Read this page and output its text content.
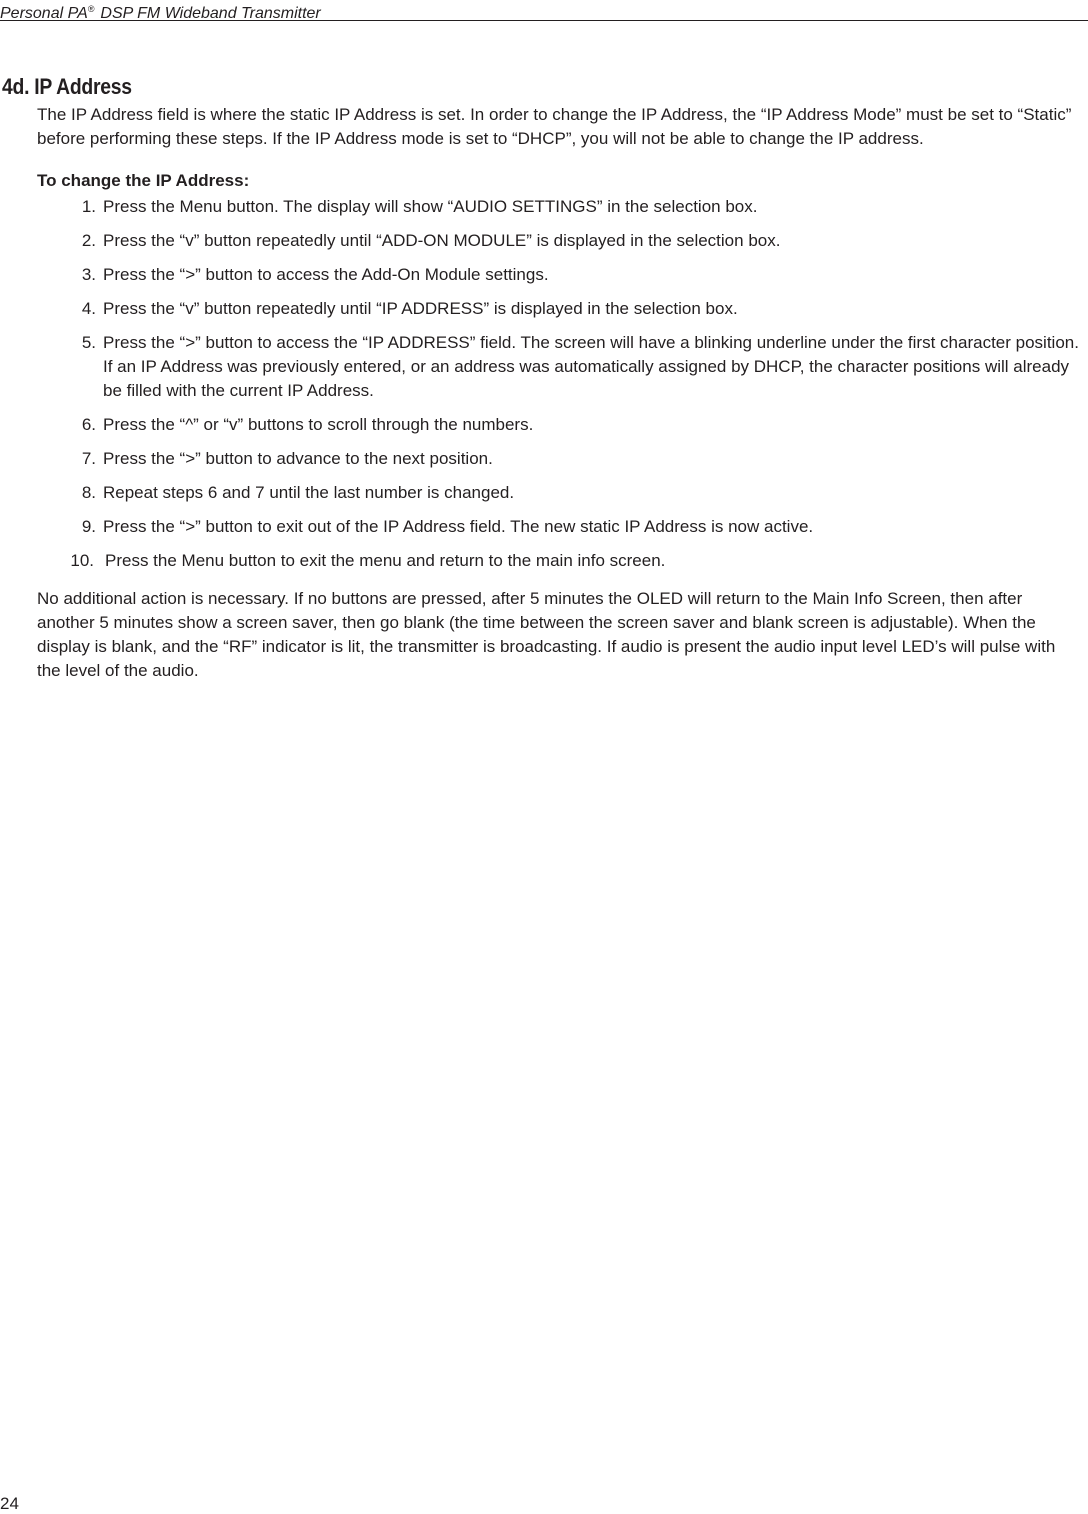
Personal PA® DSP FM Wideband Transmitter
4d. IP Address

The IP Address field is where the static IP Address is set. In order to change the IP Address, the “IP Address Mode” must be set to “Static” before performing these steps. If the IP Address mode is set to “DHCP”, you will not be able to change the IP address.

To change the IP Address:

1. Press the Menu button. The display will show “AUDIO SETTINGS” in the selection box.
2. Press the “v” button repeatedly until “ADD-ON MODULE” is displayed in the selection box.
3. Press the “>” button to access the Add-On Module settings.
4. Press the “v” button repeatedly until “IP ADDRESS” is displayed in the selection box.
5. Press the “>” button to access the “IP ADDRESS” field. The screen will have a blinking underline under the first character position. If an IP Address was previously entered, or an address was automatically assigned by DHCP, the character positions will already be filled with the current IP Address.
6. Press the “^” or “v” buttons to scroll through the numbers.
7. Press the “>” button to advance to the next position.
8. Repeat steps 6 and 7 until the last number is changed.
9. Press the “>” button to exit out of the IP Address field. The new static IP Address is now active.
10. Press the Menu button to exit the menu and return to the main info screen.

No additional action is necessary. If no buttons are pressed, after 5 minutes the OLED will return to the Main Info Screen, then after another 5 minutes show a screen saver, then go blank (the time between the screen saver and blank screen is adjustable). When the display is blank, and the “RF” indicator is lit, the transmitter is broadcasting. If audio is present the audio input level LED’s will pulse with the level of the audio.

24
